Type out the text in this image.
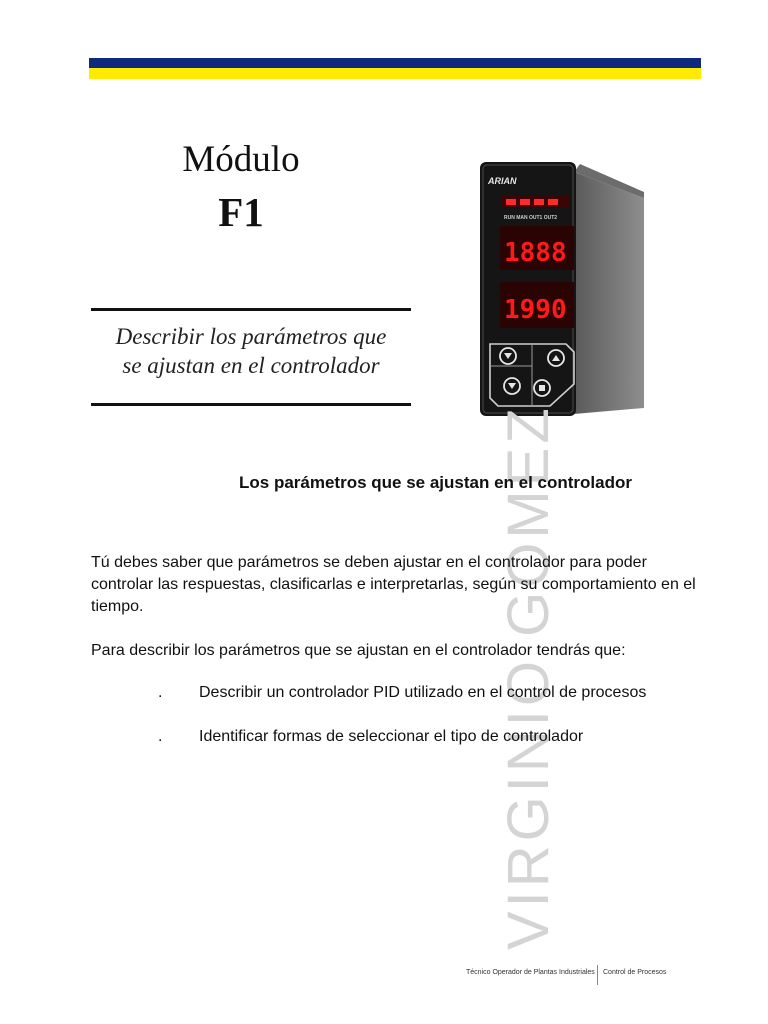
Módulo
F1
Describir los parámetros que
se ajustan en el controlador
ARIAN
RUN MAN OUT1 OUT2
1888
1990
VIRGINIO GOMEZ
Los parámetros que se ajustan en el controlador
Tú debes saber que parámetros se deben ajustar en el controlador para poder controlar las respuestas, clasificarlas e interpretarlas, según su comportamiento en el tiempo.
Para describir los parámetros que se ajustan en el controlador tendrás que:
. Describir un controlador PID utilizado en el control de procesos
. Identificar formas de seleccionar el tipo de controlador
Técnico Operador de Plantas Industriales Control de Procesos
